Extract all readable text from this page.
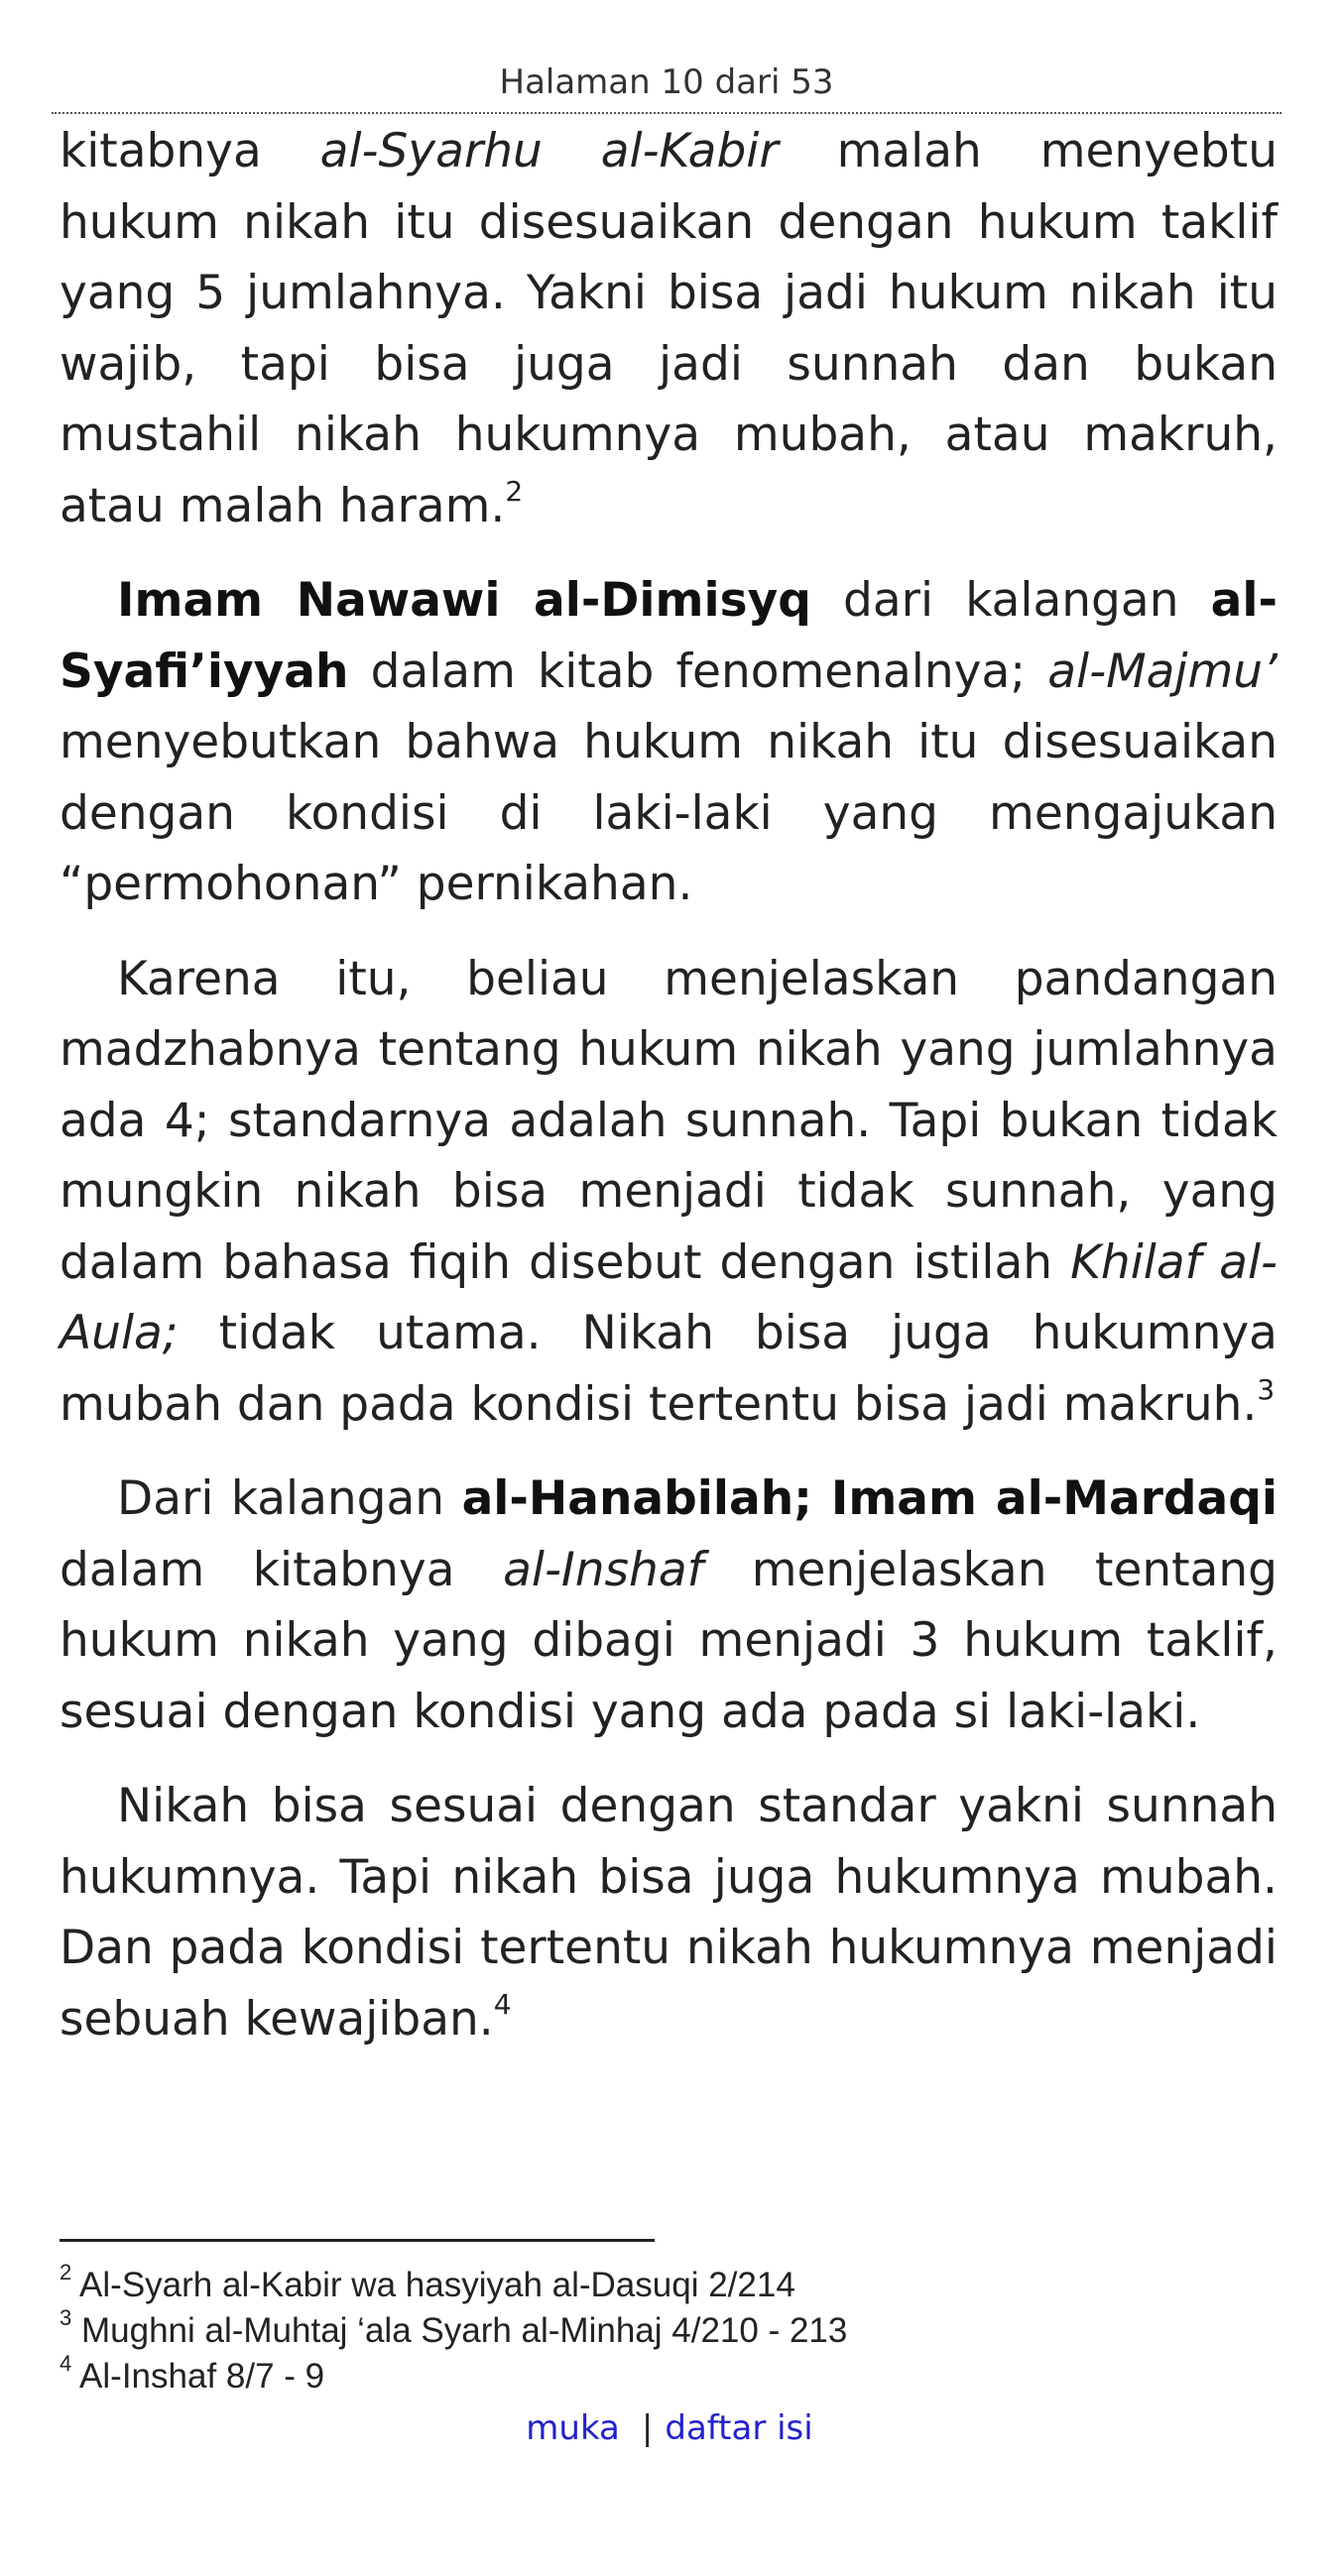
Halaman 10 dari 53

kitabnya al-Syarhu al-Kabir malah menyebtu hukum nikah itu disesuaikan dengan hukum taklif yang 5 jumlahnya. Yakni bisa jadi hukum nikah itu wajib, tapi bisa juga jadi sunnah dan bukan mustahil nikah hukumnya mubah, atau makruh, atau malah haram.$^2$

Imam Nawawi al-Dimisyq dari kalangan al-Syafi’iyyah dalam kitab fenomenalnya; al-Majmu’ menyebutkan bahwa hukum nikah itu disesuaikan dengan kondisi di laki-laki yang mengajukan “permohonan” pernikahan.

Karena itu, beliau menjelaskan pandangan madzhabnya tentang hukum nikah yang jumlahnya ada 4; standarnya adalah sunnah. Tapi bukan tidak mungkin nikah bisa menjadi tidak sunnah, yang dalam bahasa fiqih disebut dengan istilah Khilaf al-Aula; tidak utama. Nikah bisa juga hukumnya mubah dan pada kondisi tertentu bisa jadi makruh.$^3$

Dari kalangan al-Hanabilah; Imam al-Mardaqi dalam kitabnya al-Inshaf menjelaskan tentang hukum nikah yang dibagi menjadi 3 hukum taklif, sesuai dengan kondisi yang ada pada si laki-laki.

Nikah bisa sesuai dengan standar yakni sunnah hukumnya. Tapi nikah bisa juga hukumnya mubah. Dan pada kondisi tertentu nikah hukumnya menjadi sebuah kewajiban.$^4$

$^2$ Al-Syarh al-Kabir wa hasyiyah al-Dasuqi 2/214
$^3$ Mughni al-Muhtaj ‘ala Syarh al-Minhaj 4/210 - 213
$^4$ Al-Inshaf 8/7 - 9
muka | daftar isi
